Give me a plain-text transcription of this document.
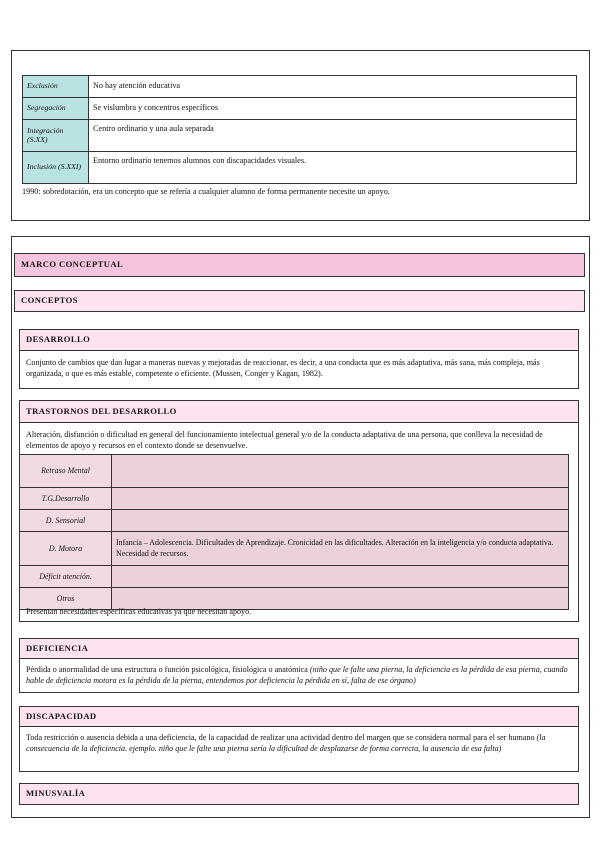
Exclusión	No hay atención educativa
Segregación	Se vislumbra y concentros específicos
Integración (S.XX)	Centro ordinario y una aula separada
Inclusión (S.XXI)	Entorno ordinario tenemos alumnos con discapacidades visuales.
1990: sobredotación, era un concepto que se refería a cualquier alumno de forma permanente necesite un apoyo.
MARCO CONCEPTUAL
CONCEPTOS
DESARROLLO
Conjunto de cambios que dan lugar a maneras nuevas y mejoradas de reaccionar, es decir, a una conducta que es más adaptativa, más sana, más compleja, más organizada, o que es más estable, competente o eficiente. (Mussen, Conger y Kagan, 1982).
TRASTORNOS DEL DESARROLLO
Alteración, disfunción o dificultad en general del funcionamiento intelectual general y/o de la conducta adaptativa de una persona, que conlleva la necesidad de elementos de apoyo y recursos en el contexto donde se desenvuelve.
Retraso Mental	
T.G.Desarrollo	
D. Sensorial	
D. Motora	Infancia – Adolescencia. Dificultades de Aprendizaje. Cronicidad en las dificultades. Alteración en la inteligencia y/o conducta adaptativa. Necesidad de recursos.
Déficit atención.	
Otros	
Presentan necesidades específicas educativas ya que necesitan apoyo.
DEFICIENCIA
Pérdida o anormalidad de una estructura o función psicológica, fisiológica o anatómica (niño que le falte una pierna, la deficiencia es la pérdida de esa pierna, cuando hable de deficiencia motora es la pérdida de la pierna, entendemos por deficiencia la pérdida en sí, falta de ese órgano)
DISCAPACIDAD
Toda restricción o ausencia debida a una deficiencia, de la capacidad de realizar una actividad dentro del margen que se considera normal para el ser humano (la consecuencia de la deficiencia. ejemplo. niño que le falte una pierna sería la dificultad de desplazarse de forma correcta, la ausencia de esa falta)
MINUSVALÍA
